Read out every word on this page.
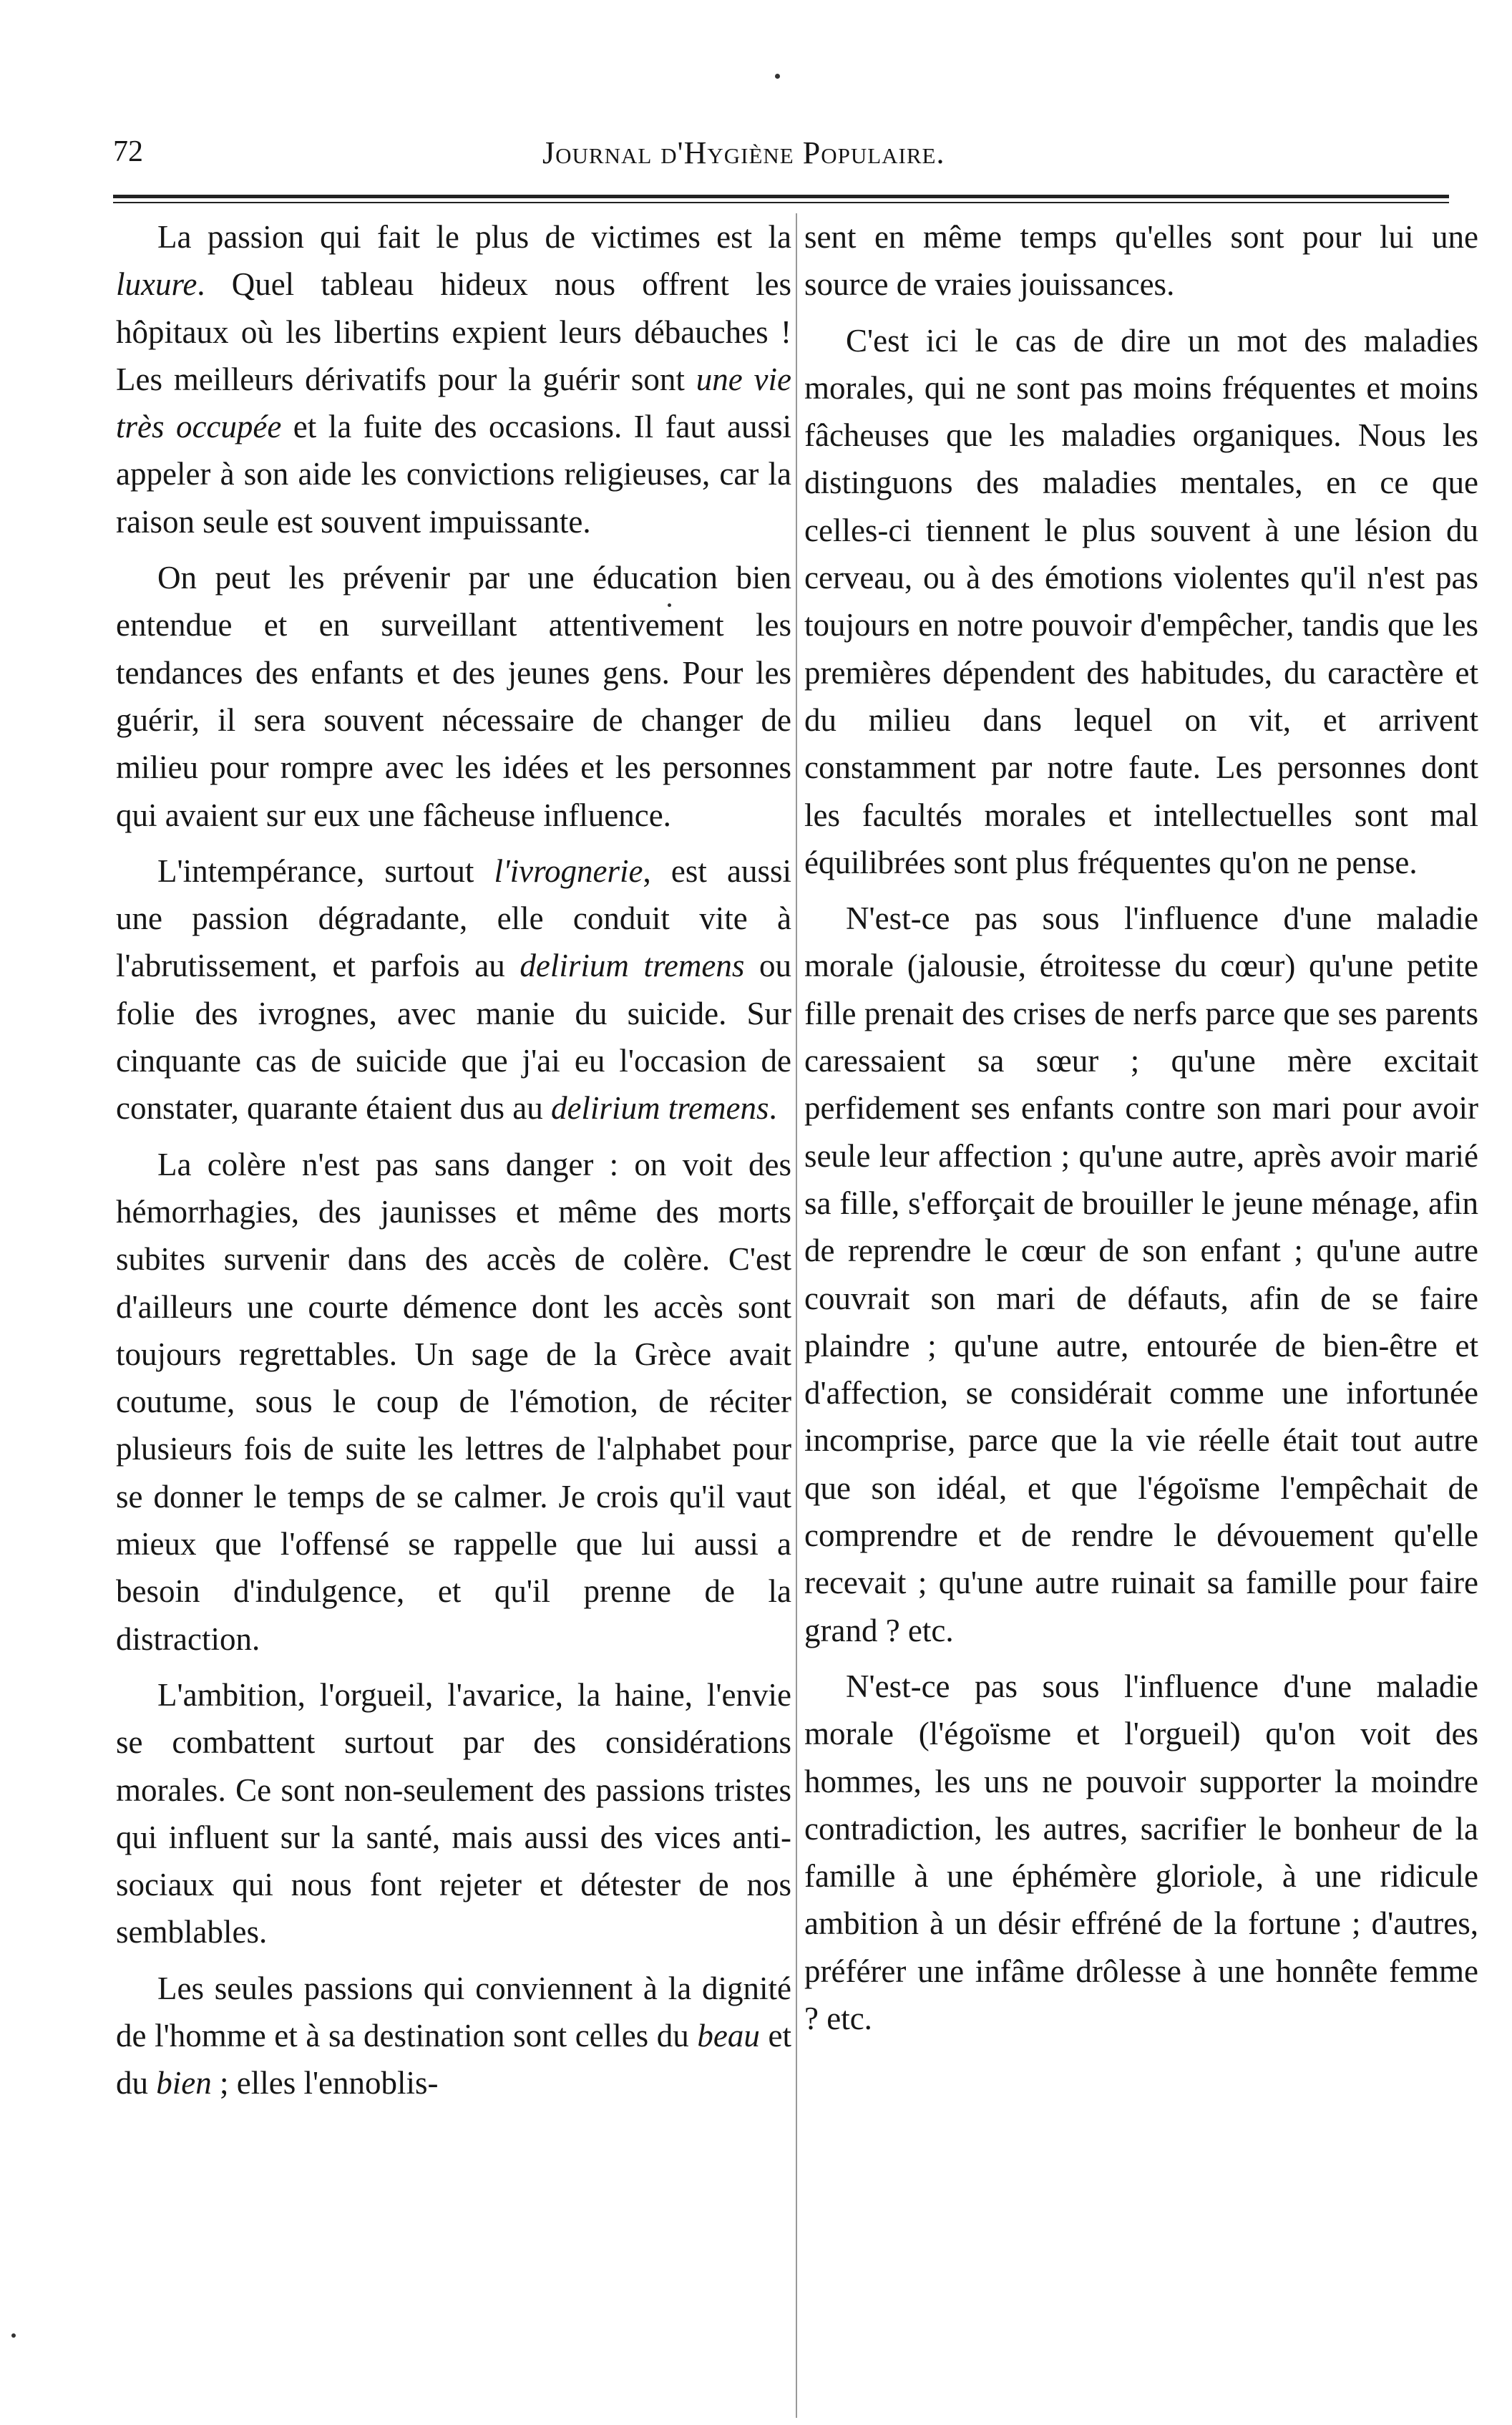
72	Journal d'Hygiène Populaire.

La passion qui fait le plus de victimes est la luxure. Quel tableau hideux nous offrent les hôpitaux où les libertins expient leurs débauches ! Les meilleurs dérivatifs pour la guérir sont une vie très occupée et la fuite des occasions. Il faut aussi appeler à son aide les convictions religieuses, car la raison seule est souvent impuissante.

On peut les prévenir par une éducation bien entendue et en surveillant attentivement les tendances des enfants et des jeunes gens. Pour les guérir, il sera souvent nécessaire de changer de milieu pour rompre avec les idées et les personnes qui avaient sur eux une fâcheuse influence.

L'intempérance, surtout l'ivrognerie, est aussi une passion dégradante, elle conduit vite à l'abrutissement, et parfois au delirium tremens ou folie des ivrognes, avec manie du suicide. Sur cinquante cas de suicide que j'ai eu l'occasion de constater, quarante étaient dus au delirium tremens.

La colère n'est pas sans danger : on voit des hémorrhagies, des jaunisses et même des morts subites survenir dans des accès de colère. C'est d'ailleurs une courte démence dont les accès sont toujours regrettables. Un sage de la Grèce avait coutume, sous le coup de l'émotion, de réciter plusieurs fois de suite les lettres de l'alphabet pour se donner le temps de se calmer. Je crois qu'il vaut mieux que l'offensé se rappelle que lui aussi a besoin d'indulgence, et qu'il prenne de la distraction.

L'ambition, l'orgueil, l'avarice, la haine, l'envie se combattent surtout par des considérations morales. Ce sont non-seulement des passions tristes qui influent sur la santé, mais aussi des vices anti-sociaux qui nous font rejeter et détester de nos semblables.

Les seules passions qui conviennent à la dignité de l'homme et à sa destination sont celles du beau et du bien ; elles l'ennoblis-

sent en même temps qu'elles sont pour lui une source de vraies jouissances.

C'est ici le cas de dire un mot des maladies morales, qui ne sont pas moins fréquentes et moins fâcheuses que les maladies organiques. Nous les distinguons des maladies mentales, en ce que celles-ci tiennent le plus souvent à une lésion du cerveau, ou à des émotions violentes qu'il n'est pas toujours en notre pouvoir d'empêcher, tandis que les premières dépendent des habitudes, du caractère et du milieu dans lequel on vit, et arrivent constamment par notre faute. Les personnes dont les facultés morales et intellectuelles sont mal équilibrées sont plus fréquentes qu'on ne pense.

N'est-ce pas sous l'influence d'une maladie morale (jalousie, étroitesse du cœur) qu'une petite fille prenait des crises de nerfs parce que ses parents caressaient sa sœur ; qu'une mère excitait perfidement ses enfants contre son mari pour avoir seule leur affection ; qu'une autre, après avoir marié sa fille, s'efforçait de brouiller le jeune ménage, afin de reprendre le cœur de son enfant ; qu'une autre couvrait son mari de défauts, afin de se faire plaindre ; qu'une autre, entourée de bien-être et d'affection, se considérait comme une infortunée incomprise, parce que la vie réelle était tout autre que son idéal, et que l'égoïsme l'empêchait de comprendre et de rendre le dévouement qu'elle recevait ; qu'une autre ruinait sa famille pour faire grand ? etc.

N'est-ce pas sous l'influence d'une maladie morale (l'égoïsme et l'orgueil) qu'on voit des hommes, les uns ne pouvoir supporter la moindre contradiction, les autres, sacrifier le bonheur de la famille à une éphémère gloriole, à une ridicule ambition à un désir effréné de la fortune ; d'autres, préférer une infâme drôlesse à une honnête femme ? etc.
